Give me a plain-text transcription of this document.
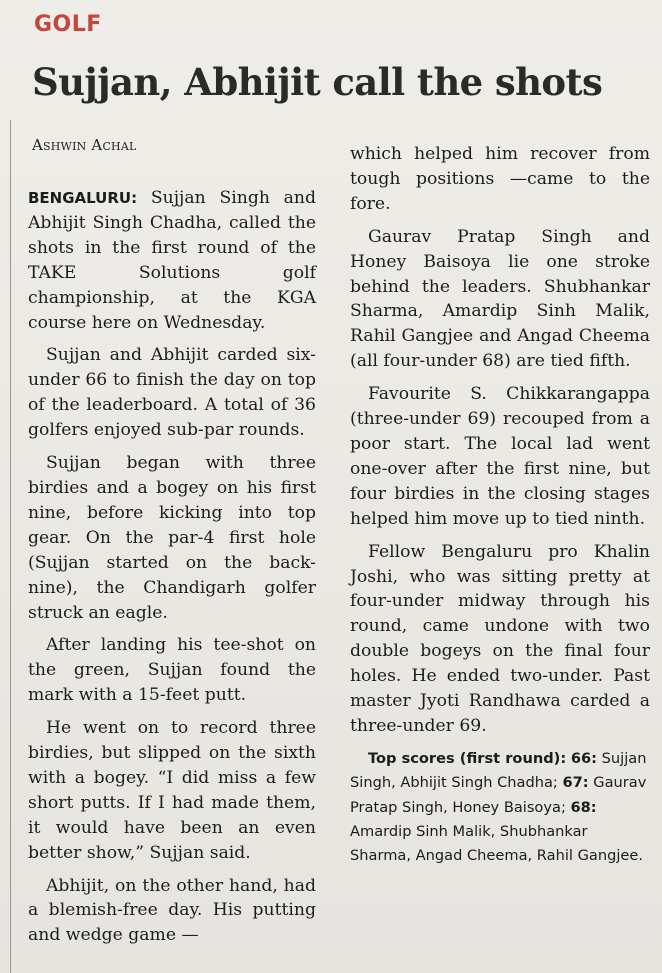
GOLF
Sujjan, Abhijit call the shots
Ashwin Achal

BENGALURU: Sujjan Singh and Abhijit Singh Chadha, called the shots in the first round of the TAKE Solutions golf championship, at the KGA course here on Wednesday.

Sujjan and Abhijit carded six-under 66 to finish the day on top of the leaderboard. A total of 36 golfers enjoyed sub-par rounds.

Sujjan began with three birdies and a bogey on his first nine, before kicking into top gear. On the par-4 first hole (Sujjan started on the back-nine), the Chandigarh golfer struck an eagle.

After landing his tee-shot on the green, Sujjan found the mark with a 15-feet putt.

He went on to record three birdies, but slipped on the sixth with a bogey. “I did miss a few short putts. If I had made them, it would have been an even better show,” Sujjan said.

Abhijit, on the other hand, had a blemish-free day. His putting and wedge game —

which helped him recover from tough positions —came to the fore.

Gaurav Pratap Singh and Honey Baisoya lie one stroke behind the leaders. Shubhankar Sharma, Amardip Sinh Malik, Rahil Gangjee and Angad Cheema (all four-under 68) are tied fifth.

Favourite S. Chikkarangappa (three-under 69) recouped from a poor start. The local lad went one-over after the first nine, but four birdies in the closing stages helped him move up to tied ninth.

Fellow Bengaluru pro Khalin Joshi, who was sitting pretty at four-under midway through his round, came undone with two double bogeys on the final four holes. He ended two-under. Past master Jyoti Randhawa carded a three-under 69.

Top scores (first round): 66: Sujjan Singh, Abhijit Singh Chadha; 67: Gaurav Pratap Singh, Honey Baisoya; 68: Amardip Sinh Malik, Shubhankar Sharma, Angad Cheema, Rahil Gangjee.
